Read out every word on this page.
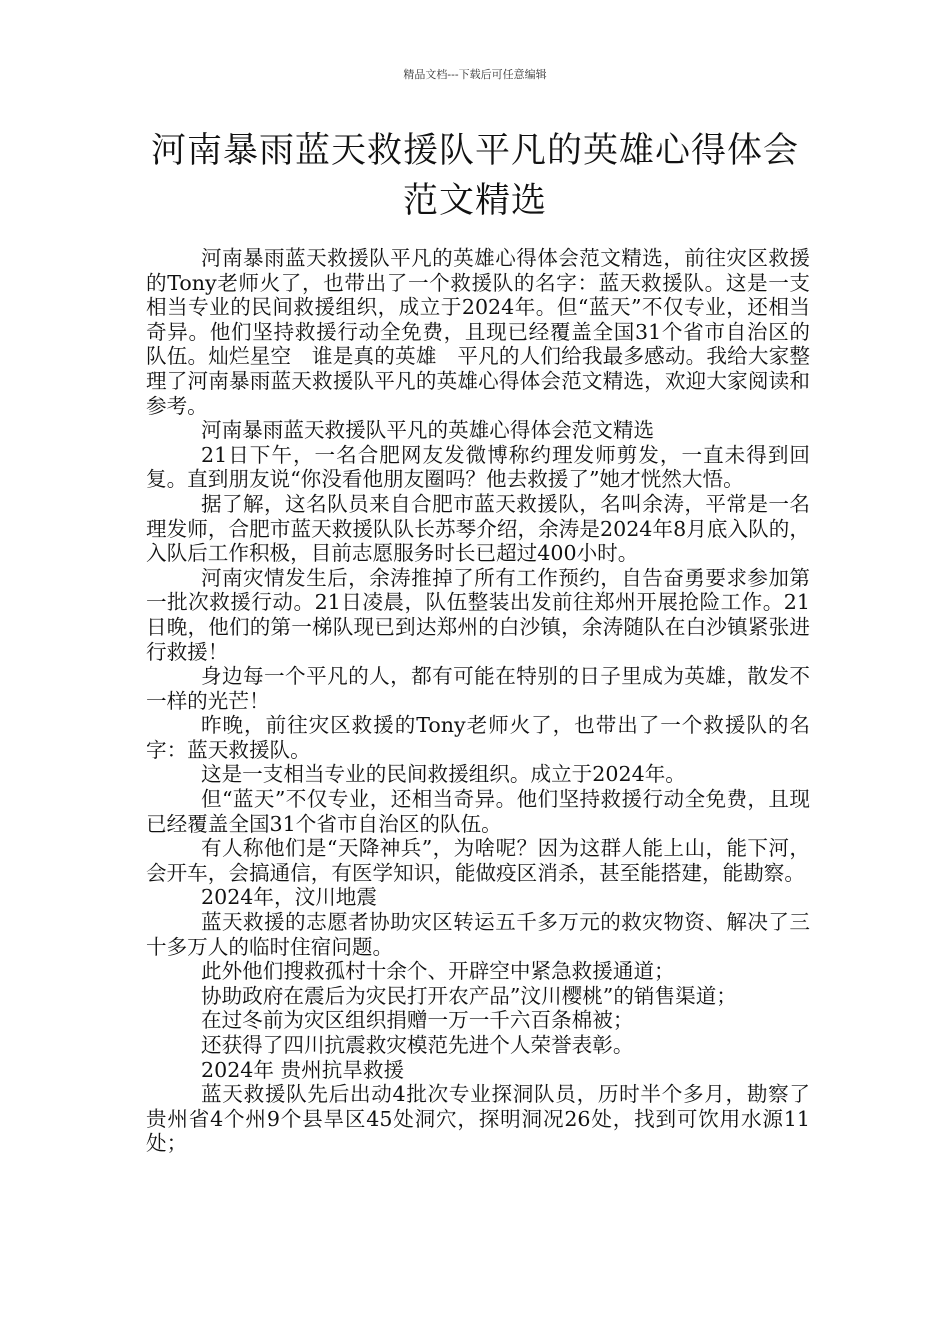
精品文档---下载后可任意编辑
河南暴雨蓝天救援队平凡的英雄心得体会
范文精选

河南暴雨蓝天救援队平凡的英雄心得体会范文精选，前往灾区救援的Tony老师火了，也带出了一个救援队的名字：蓝天救援队。这是一支相当专业的民间救援组织，成立于2024年。但“蓝天”不仅专业，还相当奇异。他们坚持救援行动全免费，且现已经覆盖全国31个省市自治区的队伍。灿烂星空　谁是真的英雄　平凡的人们给我最多感动。我给大家整理了河南暴雨蓝天救援队平凡的英雄心得体会范文精选，欢迎大家阅读和参考。

河南暴雨蓝天救援队平凡的英雄心得体会范文精选

21日下午，一名合肥网友发微博称约理发师剪发，一直未得到回复。直到朋友说“你没看他朋友圈吗？他去救援了”她才恍然大悟。

据了解，这名队员来自合肥市蓝天救援队，名叫余涛，平常是一名理发师，合肥市蓝天救援队队长苏琴介绍，余涛是2024年8月底入队的，入队后工作积极，目前志愿服务时长已超过400小时。

河南灾情发生后，余涛推掉了所有工作预约，自告奋勇要求参加第一批次救援行动。21日凌晨，队伍整装出发前往郑州开展抢险工作。21日晚，他们的第一梯队现已到达郑州的白沙镇，余涛随队在白沙镇紧张进行救援！

身边每一个平凡的人，都有可能在特别的日子里成为英雄，散发不一样的光芒！

昨晚，前往灾区救援的Tony老师火了，也带出了一个救援队的名字：蓝天救援队。

这是一支相当专业的民间救援组织。成立于2024年。

但“蓝天”不仅专业，还相当奇异。他们坚持救援行动全免费，且现已经覆盖全国31个省市自治区的队伍。

有人称他们是“天降神兵”，为啥呢？因为这群人能上山，能下河，会开车，会搞通信，有医学知识，能做疫区消杀，甚至能搭建，能勘察。

2024年，汶川地震

蓝天救援的志愿者协助灾区转运五千多万元的救灾物资、解决了三十多万人的临时住宿问题。

此外他们搜救孤村十余个、开辟空中紧急救援通道；

协助政府在震后为灾民打开农产品”汶川樱桃”的销售渠道；

在过冬前为灾区组织捐赠一万一千六百条棉被；

还获得了四川抗震救灾模范先进个人荣誉表彰。

2024年 贵州抗旱救援

蓝天救援队先后出动4批次专业探洞队员，历时半个多月，勘察了贵州省4个州9个县旱区45处洞穴，探明洞况26处，找到可饮用水源11处；
